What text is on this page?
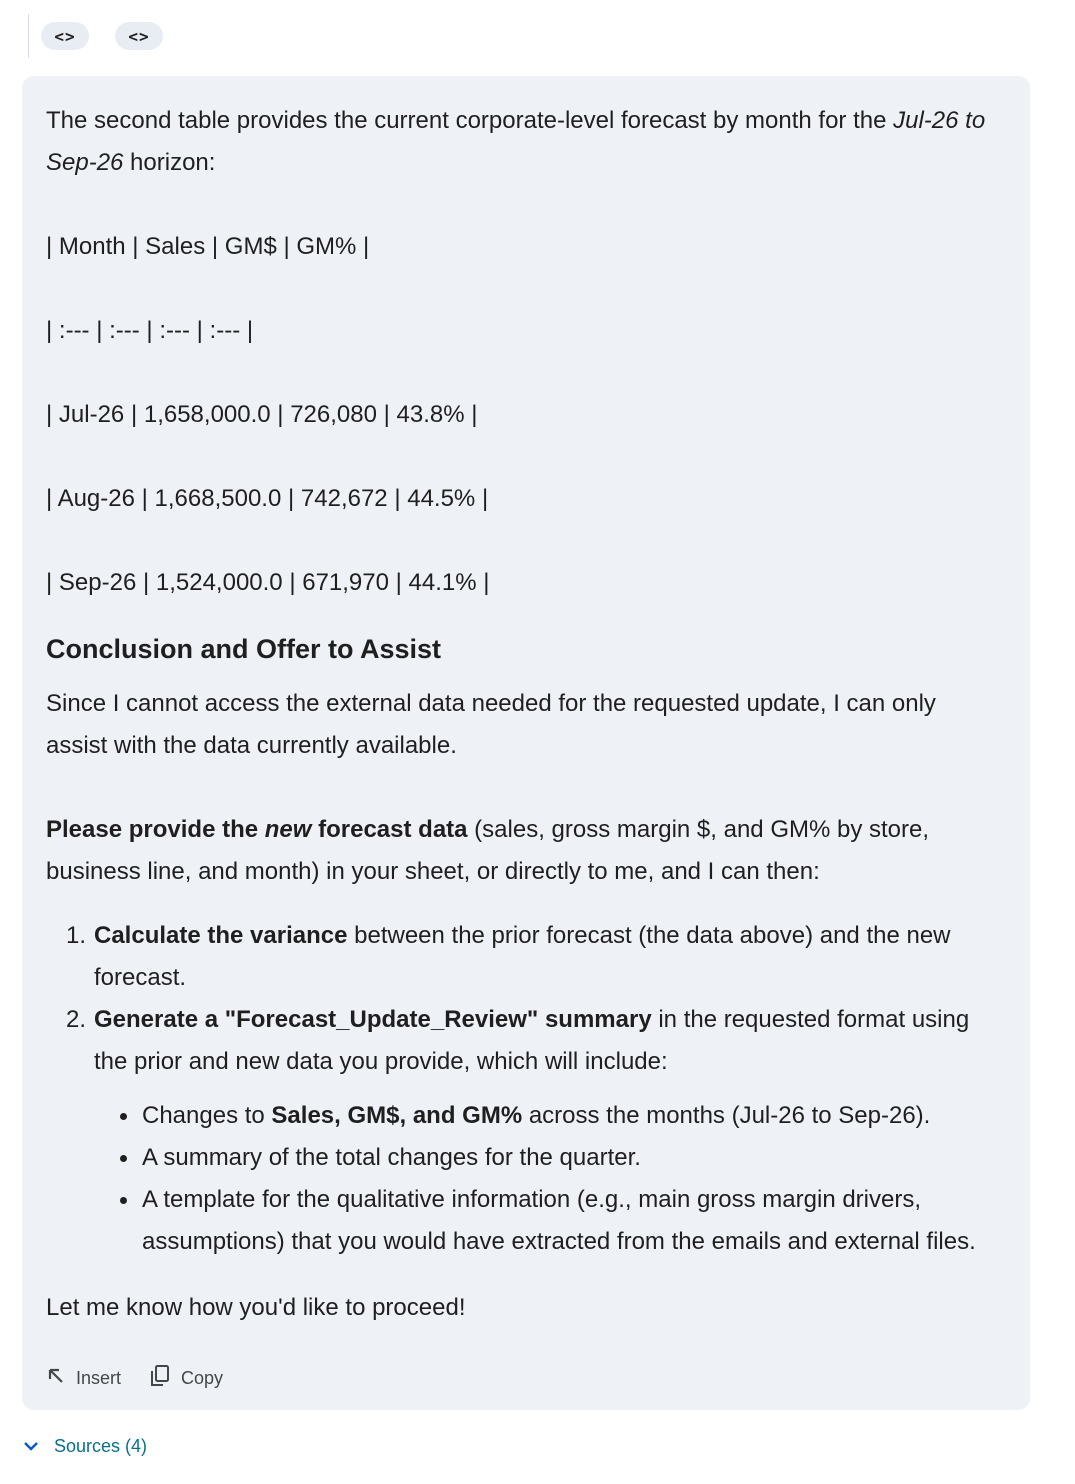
<>	<>
The second table provides the current corporate-level forecast by month for the Jul-26 to Sep-26 horizon:
| Month | Sales | GM$ | GM% |
| :--- | :--- | :--- | :--- |
| Jul-26 | 1,658,000.0 | 726,080 | 43.8% |
| Aug-26 | 1,668,500.0 | 742,672 | 44.5% |
| Sep-26 | 1,524,000.0 | 671,970 | 44.1% |
Conclusion and Offer to Assist
Since I cannot access the external data needed for the requested update, I can only assist with the data currently available.
Please provide the new forecast data (sales, gross margin $, and GM% by store, business line, and month) in your sheet, or directly to me, and I can then:
1. Calculate the variance between the prior forecast (the data above) and the new forecast.
2. Generate a "Forecast_Update_Review" summary in the requested format using the prior and new data you provide, which will include:
Changes to Sales, GM$, and GM% across the months (Jul-26 to Sep-26).
A summary of the total changes for the quarter.
A template for the qualitative information (e.g., main gross margin drivers, assumptions) that you would have extracted from the emails and external files.
Let me know how you'd like to proceed!
Insert	Copy
Sources (4)
